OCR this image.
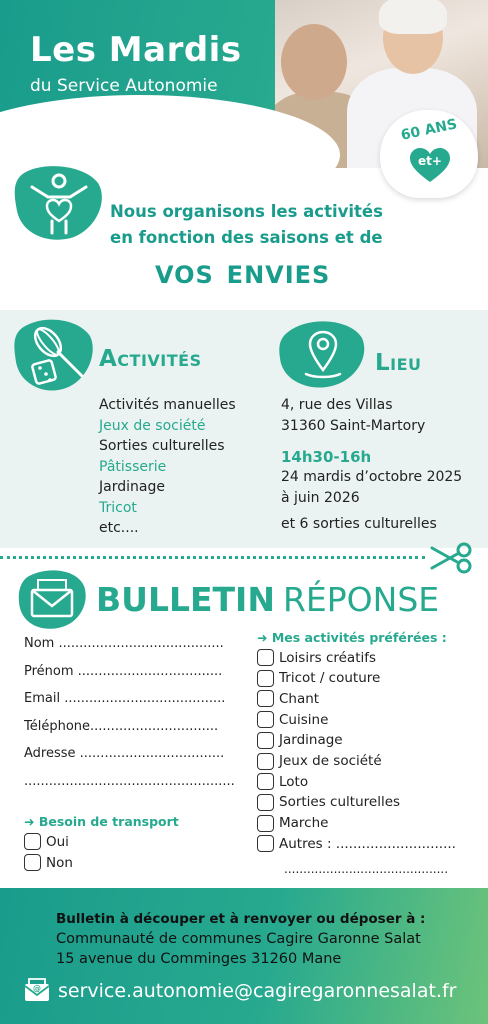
Les Mardis
du Service Autonomie
60 ANS
et+
Nous organisons les activités
en fonction des saisons et de
vos envies
Activités
Activités manuelles
Jeux de société
Sorties culturelles
Pâtisserie
Jardinage
Tricot
etc....
Lieu
4, rue des Villas
31360 Saint-Martory
14h30-16h
24 mardis d’octobre 2025
à juin 2026
et 6 sorties culturelles
BULLETIN RÉPONSE
Nom ........................................
Prénom ...................................
Email .......................................
Téléphone...............................
Adresse ...................................
...................................................
➜ Besoin de transport
Oui
Non
➜ Mes activités préférées :
Loisirs créatifs
Tricot / couture
Chant
Cuisine
Jardinage
Jeux de société
Loto
Sorties culturelles
Marche
Autres : ............................
...........................................
Bulletin à découper et à renvoyer ou déposer à :
Communauté de communes Cagire Garonne Salat
15 avenue du Comminges 31260 Mane
@ service.autonomie@cagiregaronnesalat.fr
